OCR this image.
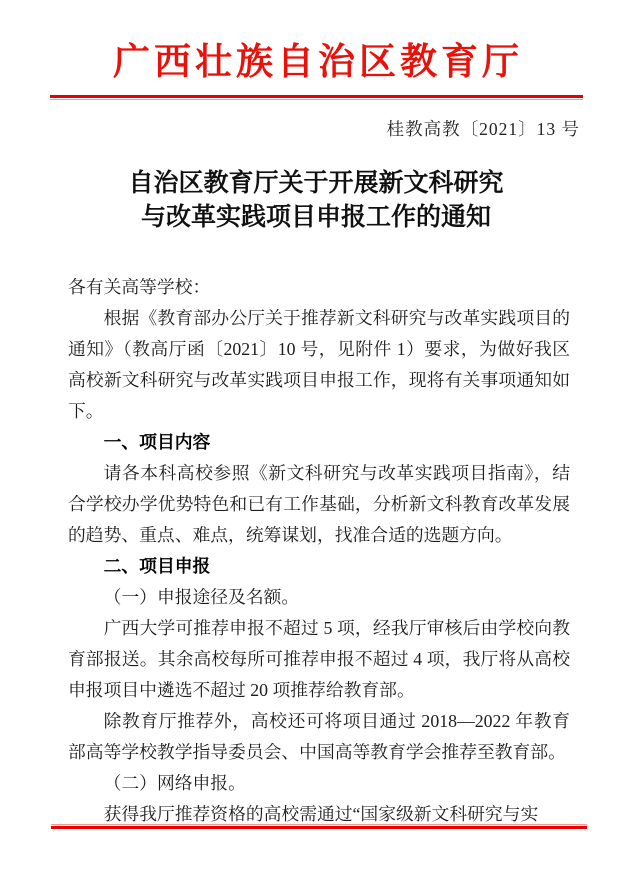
广西壮族自治区教育厅
桂教高教〔2021〕13 号
自治区教育厅关于开展新文科研究
与改革实践项目申报工作的通知

各有关高等学校：

根据《教育部办公厅关于推荐新文科研究与改革实践项目的通知》（教高厅函〔2021〕10 号，见附件 1）要求，为做好我区高校新文科研究与改革实践项目申报工作，现将有关事项通知如下。

一、项目内容

请各本科高校参照《新文科研究与改革实践项目指南》，结合学校办学优势特色和已有工作基础，分析新文科教育改革发展的趋势、重点、难点，统筹谋划，找准合适的选题方向。

二、项目申报

（一）申报途径及名额。

广西大学可推荐申报不超过 5 项，经我厅审核后由学校向教育部报送。其余高校每所可推荐申报不超过 4 项，我厅将从高校申报项目中遴选不超过 20 项推荐给教育部。

除教育厅推荐外，高校还可将项目通过 2018—2022 年教育部高等学校教学指导委员会、中国高等教育学会推荐至教育部。

（二）网络申报。

获得我厅推荐资格的高校需通过“国家级新文科研究与实
